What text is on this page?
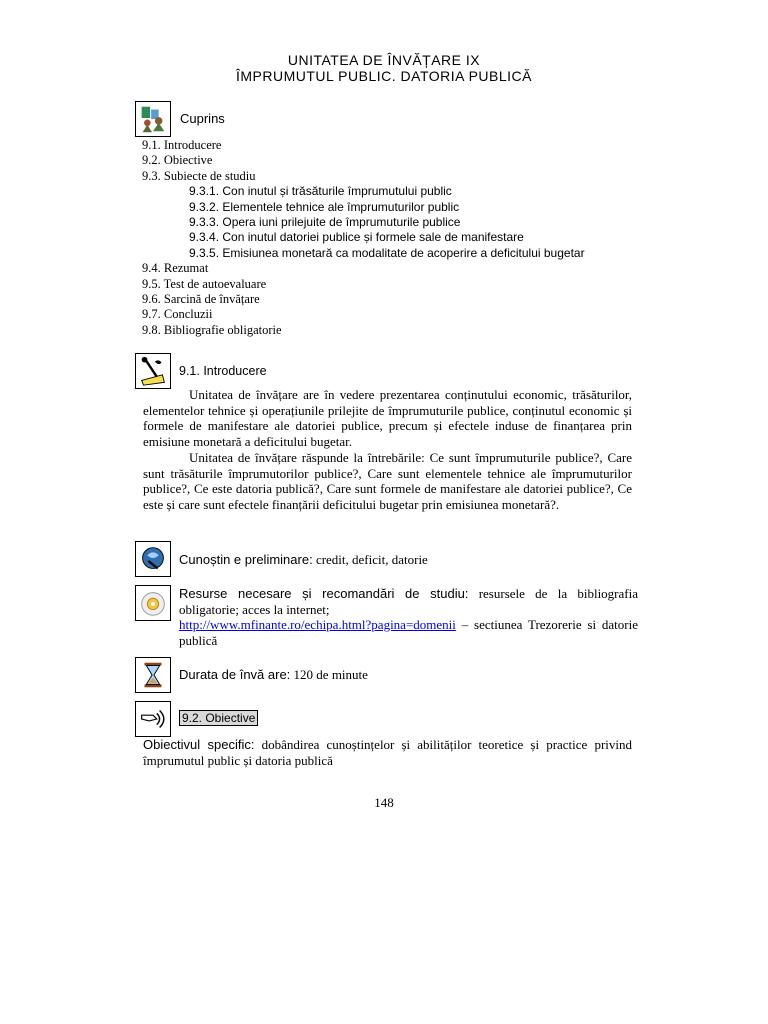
UNITATEA DE ÎNVĂȚARE IX
ÎMPRUMUTUL PUBLIC. DATORIA PUBLICĂ
Cuprins
9.1. Introducere
9.2. Obiective
9.3. Subiecte de studiu
9.3.1. Con inutul și trăsăturile împrumutului public
9.3.2. Elementele tehnice ale împrumuturilor public
9.3.3. Opera iuni prilejuite de împrumuturile publice
9.3.4. Con inutul datoriei publice și formele sale de manifestare
9.3.5. Emisiunea monetară ca modalitate de acoperire a deficitului bugetar
9.4. Rezumat
9.5. Test de autoevaluare
9.6. Sarcină de învățare
9.7. Concluzii
9.8. Bibliografie obligatorie
9.1. Introducere
Unitatea de învățare are în vedere prezentarea conținutului economic, trăsăturilor, elementelor tehnice și operațiunile prilejite de împrumuturile publice, conținutul economic și formele de manifestare ale datoriei publice, precum și efectele induse de finanțarea prin emisiune monetară a deficitului bugetar.
Unitatea de învățare răspunde la întrebările: Ce sunt împrumuturile publice?, Care sunt trăsăturile împrumutorilor publice?, Care sunt elementele tehnice ale împrumuturilor publice?, Ce este datoria publică?, Care sunt formele de manifestare ale datoriei publice?, Ce este și care sunt efectele finanțării deficitului bugetar prin emisiunea monetară?.
Cunoștin e preliminare: credit, deficit, datorie
Resurse necesare și recomandări de studiu: resursele de la bibliografia obligatorie; acces la internet;
http://www.mfinante.ro/echipa.html?pagina=domenii – sectiunea Trezorerie si datorie publică
Durata de învă are: 120 de minute
9.2. Obiective
Obiectivul specific: dobândirea cunoștințelor și abilităților teoretice și practice privind împrumutul public și datoria publică
148
